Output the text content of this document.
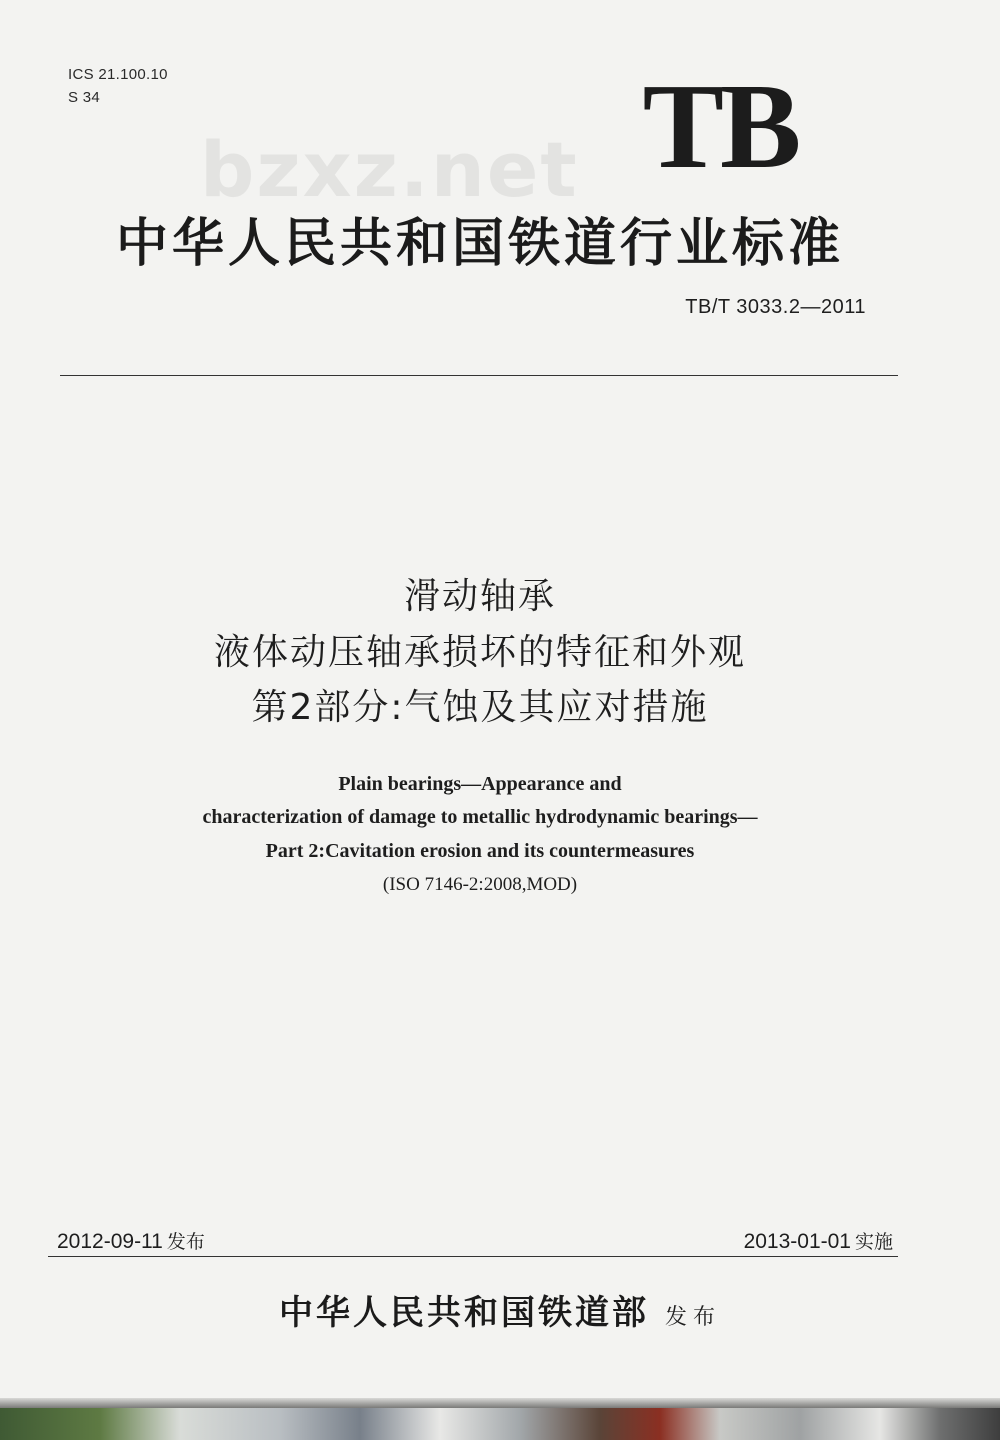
ICS 21.100.10
S 34
bzxz.net TB
中华人民共和国铁道行业标准
TB/T 3033.2—2011
滑动轴承
液体动压轴承损坏的特征和外观
第2部分:气蚀及其应对措施
Plain bearings—Appearance and
characterization of damage to metallic hydrodynamic bearings—
Part 2:Cavitation erosion and its countermeasures
(ISO 7146-2:2008,MOD)
2012-09-11 发布	2013-01-01 实施
中华人民共和国铁道部 发布
